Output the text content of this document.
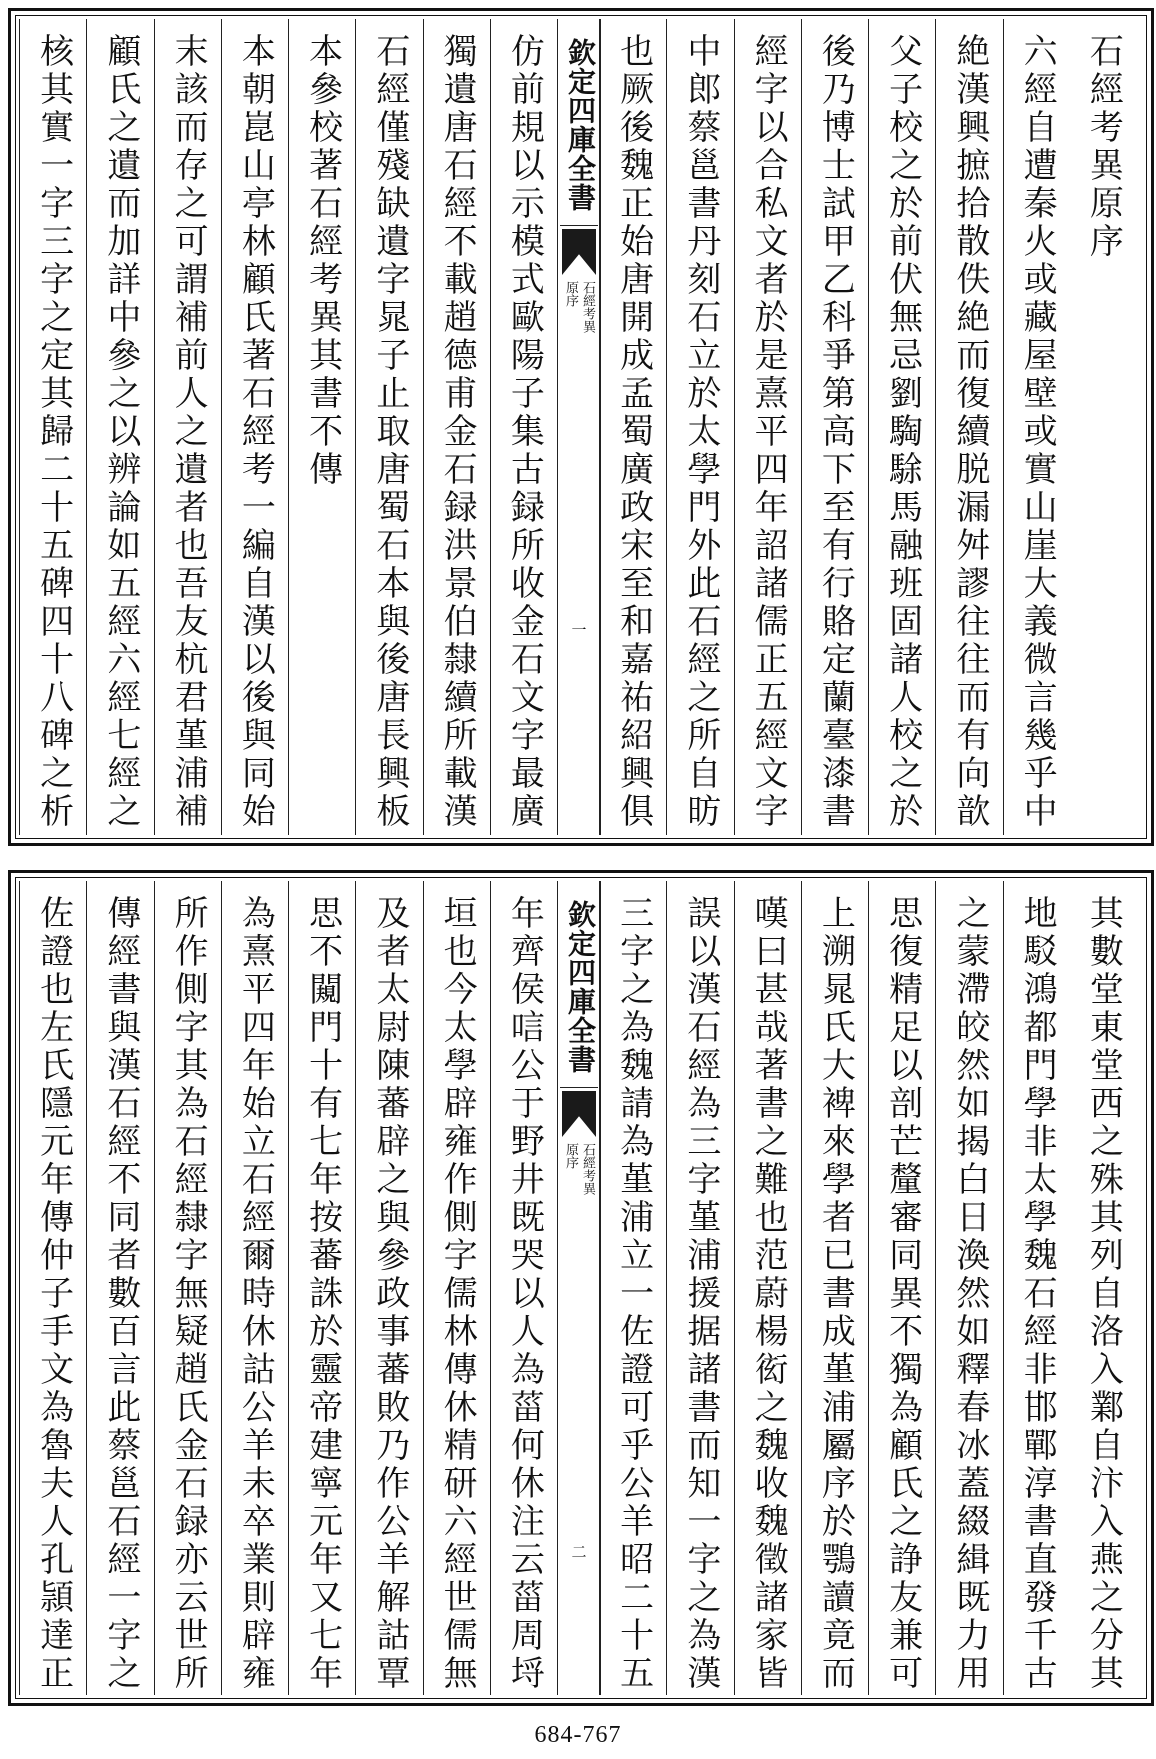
石經考異原序
六經自遭秦火或藏屋壁或實山崖大義微言幾乎中
絶漢興摭拾散佚絶而復續脱漏舛謬往往而有向歆
父子校之於前伏無忌劉騊駼馬融班固諸人校之於
後乃博士試甲乙科爭第高下至有行賂定蘭臺漆書
經字以合私文者於是熹平四年詔諸儒正五經文字
中郎蔡邕書丹刻石立於太學門外此石經之所自昉
也厥後魏正始唐開成孟蜀廣政宋至和嘉祐紹興俱
欽定四庫全書
石經考異
原序
一
仿前規以示模式歐陽子集古録所收金石文字最廣
獨遺唐石經不載趙德甫金石録洪景伯隸續所載漢
石經僅殘缺遺字晁子止取唐蜀石本與後唐長興板
本參校著石經考異其書不傳
本朝崑山亭林顧氏著石經考一編自漢以後與同始
末該而存之可謂補前人之遺者也吾友杭君堇浦補
顧氏之遺而加詳中參之以辨論如五經六經七經之
核其實一字三字之定其歸二十五碑四十八碑之析
其數堂東堂西之殊其列自洛入鄴自汴入燕之分其
地駁鴻都門學非太學魏石經非邯鄲淳書直發千古
之蒙滯皎然如揭白日渙然如釋春冰蓋綴緝既力用
思復精足以剖芒釐審同異不獨為顧氏之諍友兼可
上溯晁氏大裨來學者已書成堇浦屬序於鶚讀竟而
嘆曰甚哉著書之難也范蔚楊衒之魏收魏徵諸家皆
誤以漢石經為三字堇浦援据諸書而知一字之為漢
三字之為魏請為堇浦立一佐證可乎公羊昭二十五
欽定四庫全書
石經考異
原序
二
年齊侯唁公于野井既哭以人為菑何休注云菑周埒
垣也今太學辟雍作側字儒林傳休精研六經世儒無
及者太尉陳蕃辟之與參政事蕃敗乃作公羊解詁覃
思不闚門十有七年按蕃誅於靈帝建寧元年又七年
為熹平四年始立石經爾時休詁公羊未卒業則辟雍
所作側字其為石經隸字無疑趙氏金石録亦云世所
傳經書與漢石經不同者數百言此蔡邕石經一字之
佐證也左氏隱元年傳仲子手文為魯夫人孔頴達正
684-767
